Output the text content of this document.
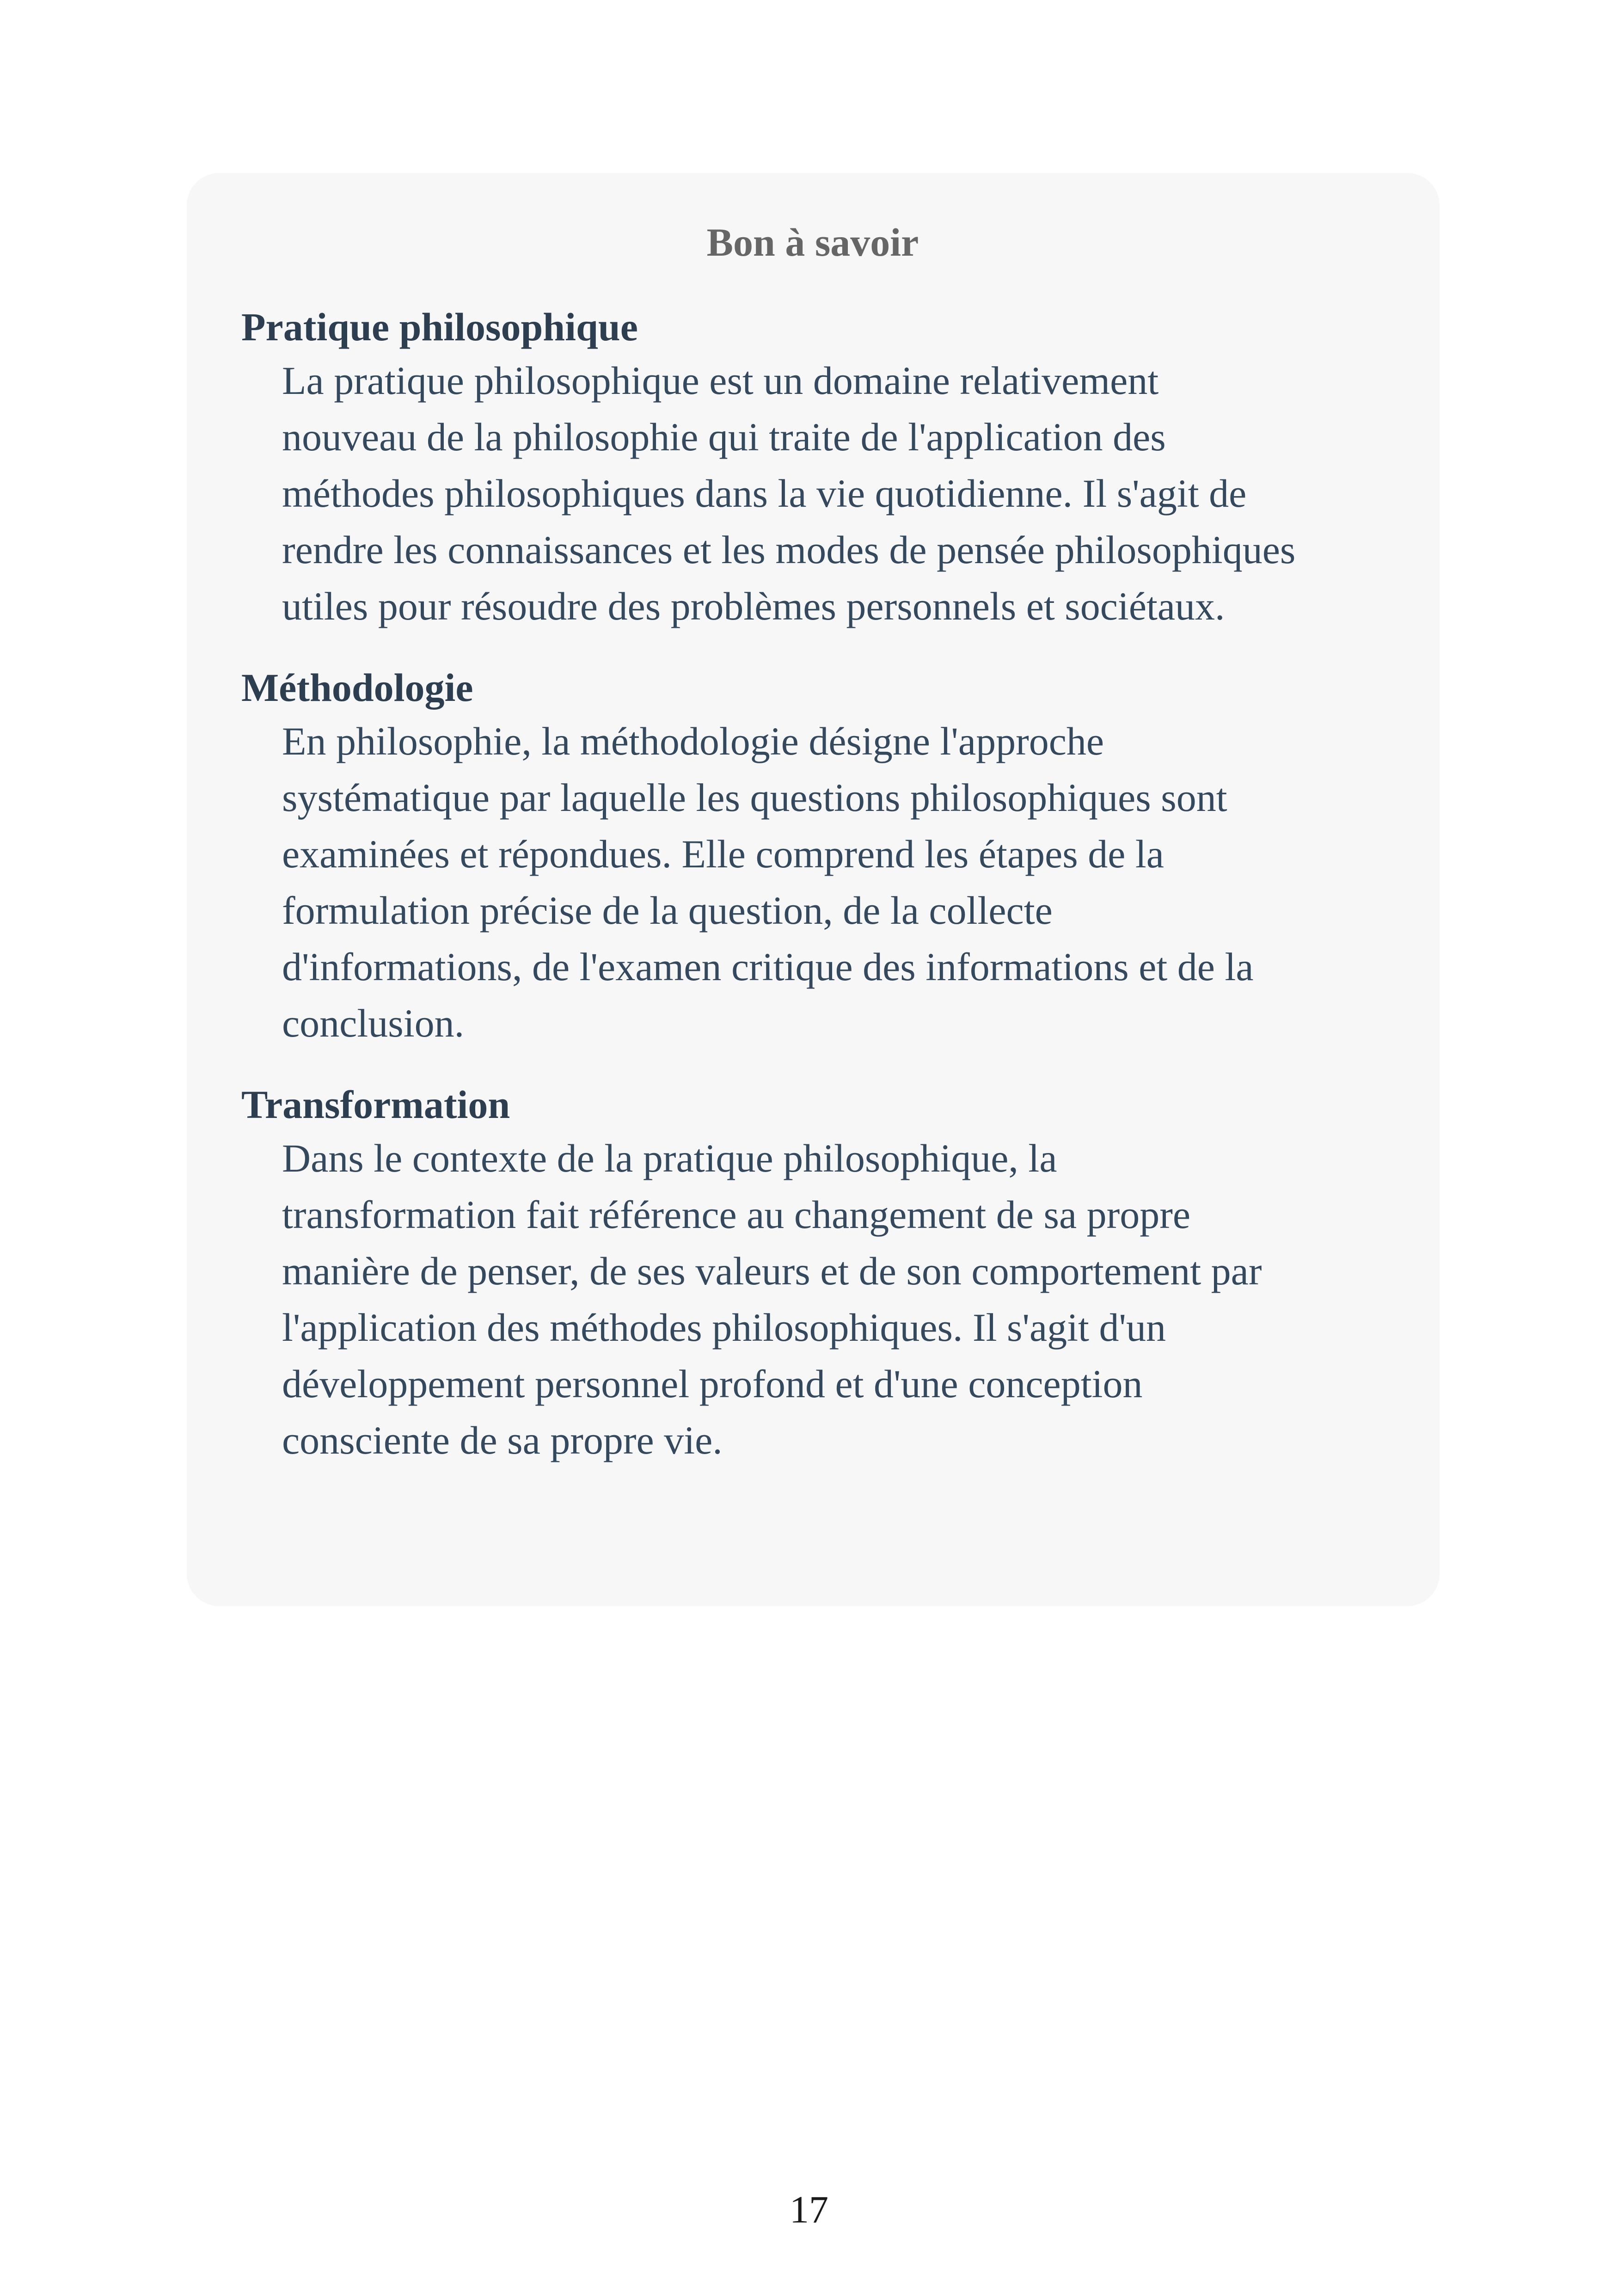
Bon à savoir
Pratique philosophique
La pratique philosophique est un domaine relativement
nouveau de la philosophie qui traite de l'application des
méthodes philosophiques dans la vie quotidienne. Il s'agit de
rendre les connaissances et les modes de pensée philosophiques
utiles pour résoudre des problèmes personnels et sociétaux.
Méthodologie
En philosophie, la méthodologie désigne l'approche
systématique par laquelle les questions philosophiques sont
examinées et répondues. Elle comprend les étapes de la
formulation précise de la question, de la collecte
d'informations, de l'examen critique des informations et de la
conclusion.
Transformation
Dans le contexte de la pratique philosophique, la
transformation fait référence au changement de sa propre
manière de penser, de ses valeurs et de son comportement par
l'application des méthodes philosophiques. Il s'agit d'un
développement personnel profond et d'une conception
consciente de sa propre vie.
17
